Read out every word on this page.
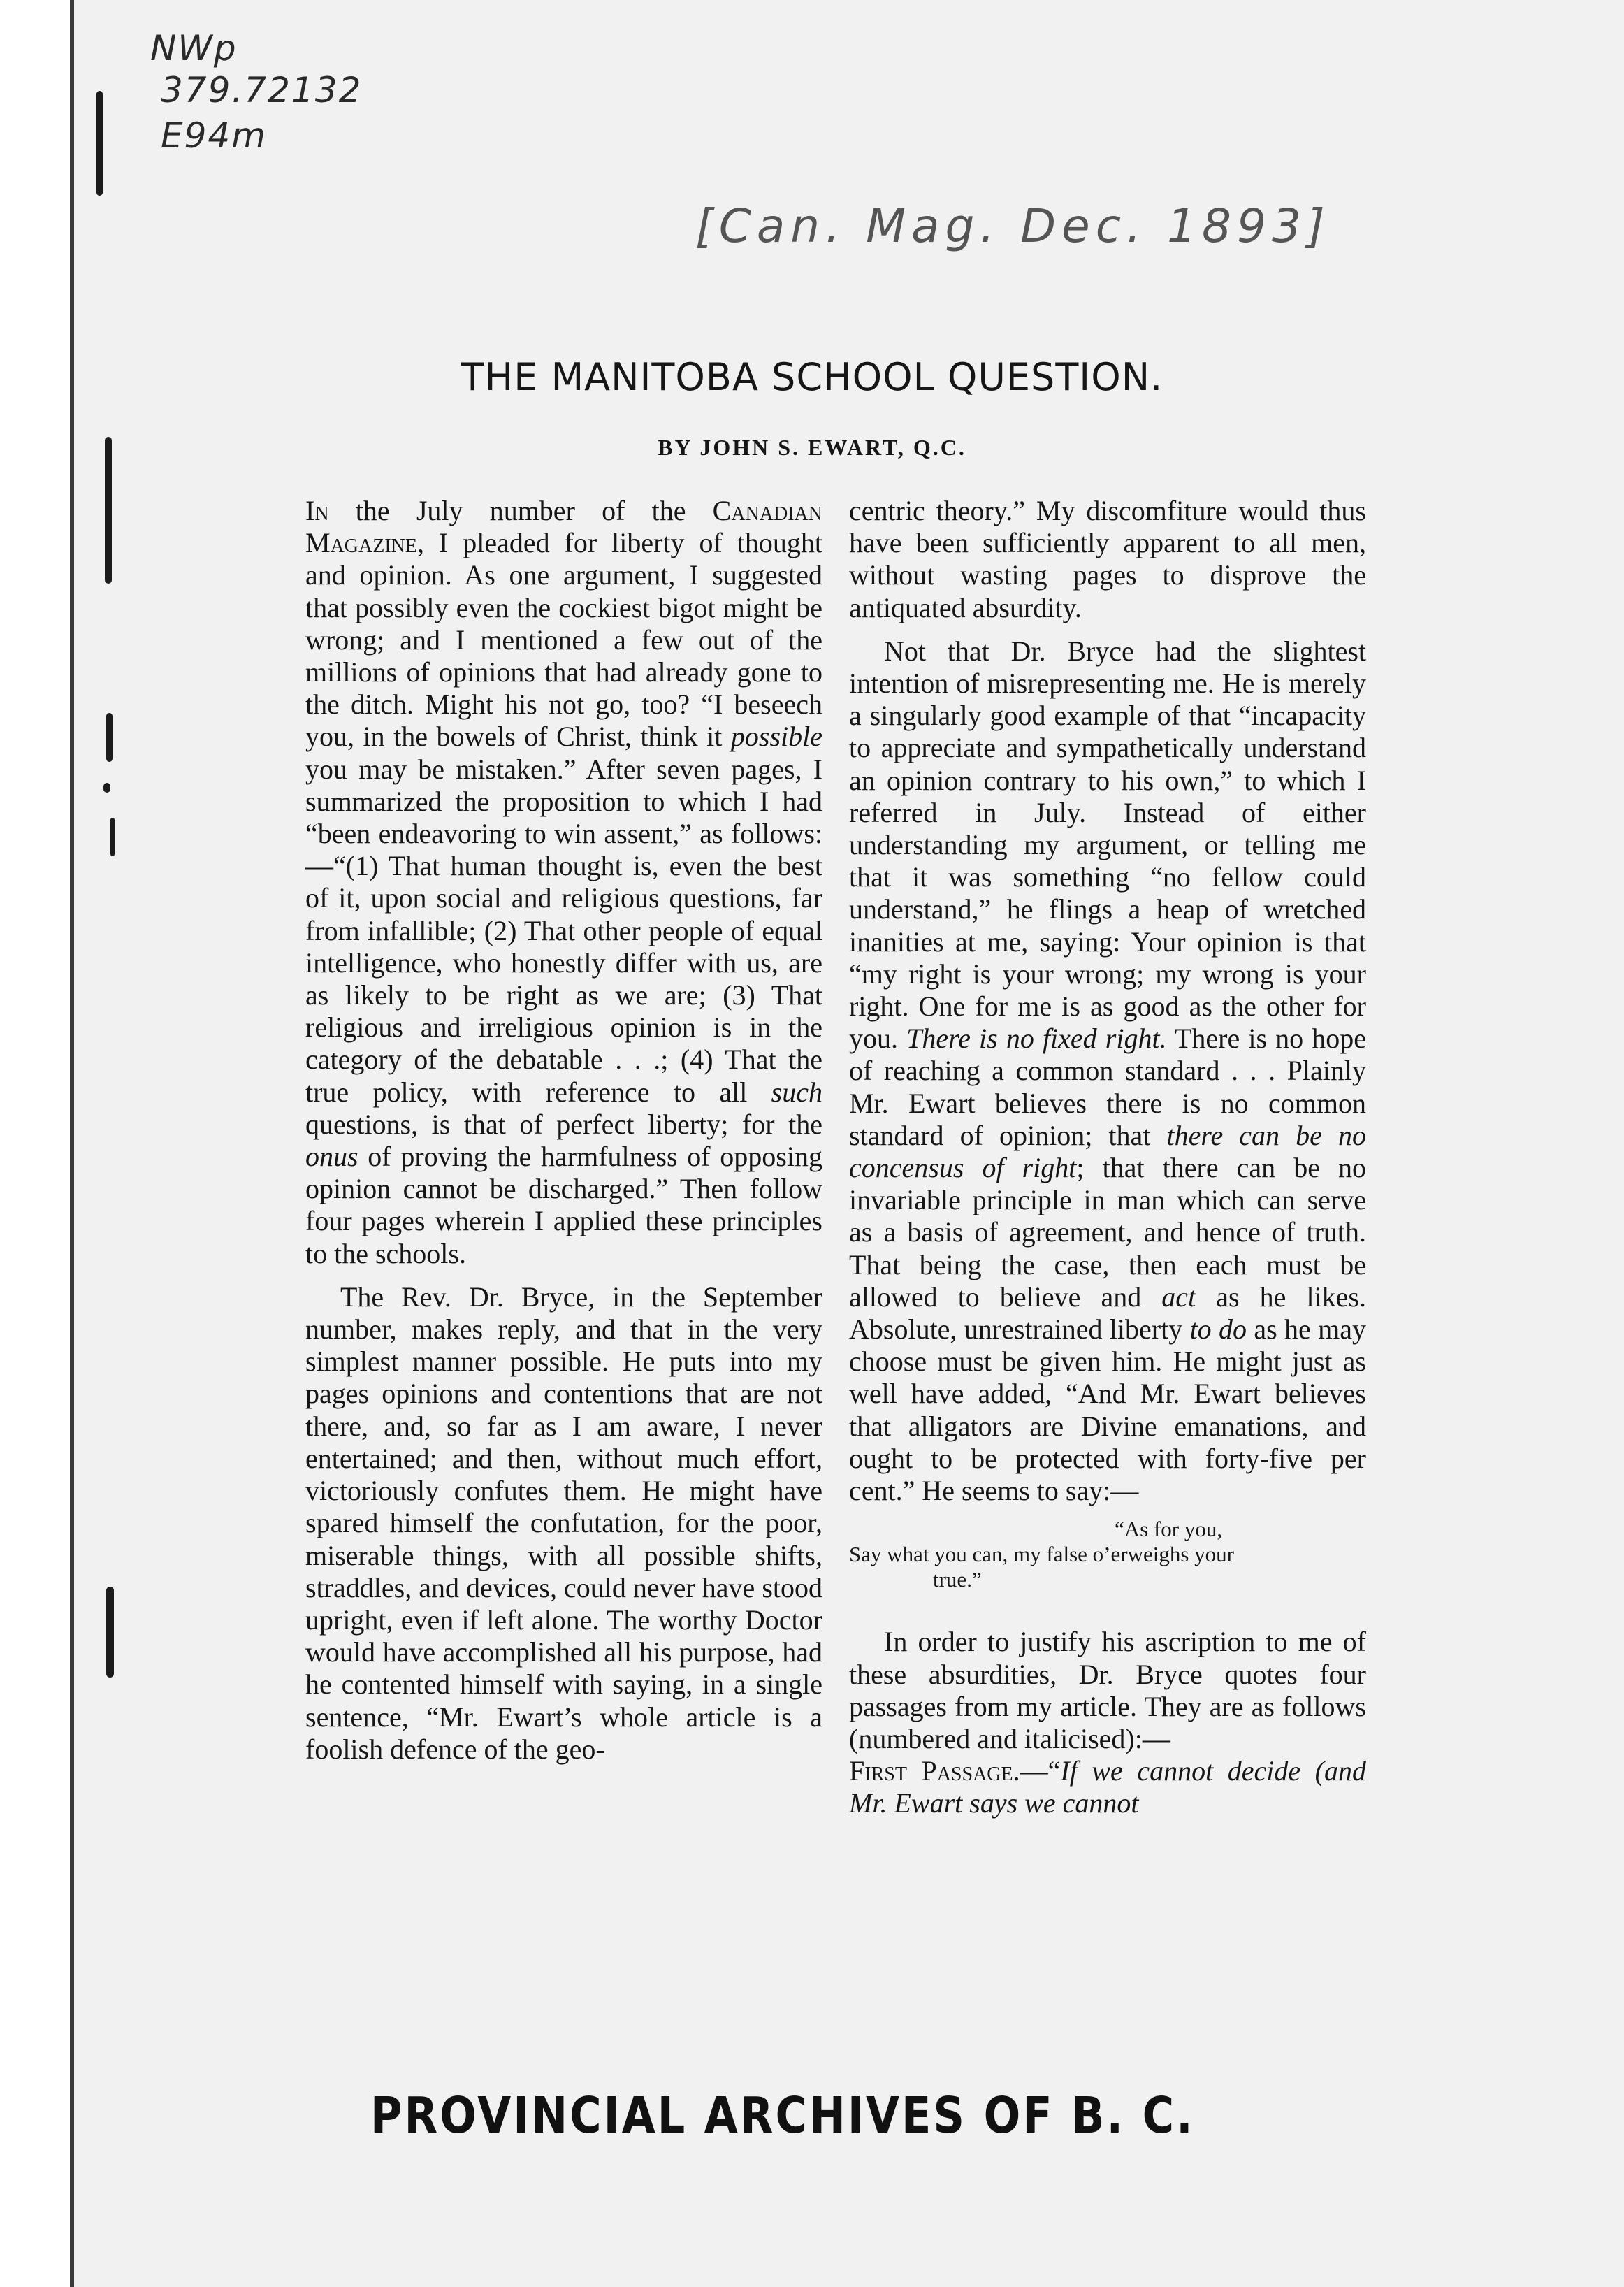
NWp
379.72132
E94m
[Can. Mag. Dec. 1893]
THE MANITOBA SCHOOL QUESTION.
BY JOHN S. EWART, Q.C.

In the July number of the Canadian Magazine, I pleaded for liberty of thought and opinion. As one argument, I suggested that possibly even the cockiest bigot might be wrong; and I mentioned a few out of the millions of opinions that had already gone to the ditch. Might his not go, too? “I beseech you, in the bowels of Christ, think it possible you may be mistaken.” After seven pages, I summarized the proposition to which I had “been endeavoring to win assent,” as follows:—“(1) That human thought is, even the best of it, upon social and religious questions, far from infallible; (2) That other people of equal intelligence, who honestly differ with us, are as likely to be right as we are; (3) That religious and irreligious opinion is in the category of the debatable . . .; (4) That the true policy, with reference to all such questions, is that of perfect liberty; for the onus of proving the harmfulness of opposing opinion cannot be discharged.” Then follow four pages wherein I applied these principles to the schools.

The Rev. Dr. Bryce, in the September number, makes reply, and that in the very simplest manner possible. He puts into my pages opinions and contentions that are not there, and, so far as I am aware, I never entertained; and then, without much effort, victoriously confutes them. He might have spared himself the confutation, for the poor, miserable things, with all possible shifts, straddles, and devices, could never have stood upright, even if left alone. The worthy Doctor would have accomplished all his purpose, had he contented himself with saying, in a single sentence, “Mr. Ewart’s whole article is a foolish defence of the geo-

centric theory.” My discomfiture would thus have been sufficiently apparent to all men, without wasting pages to disprove the antiquated absurdity.

Not that Dr. Bryce had the slightest intention of misrepresenting me. He is merely a singularly good example of that “incapacity to appreciate and sympathetically understand an opinion contrary to his own,” to which I referred in July. Instead of either understanding my argument, or telling me that it was something “no fellow could understand,” he flings a heap of wretched inanities at me, saying: Your opinion is that “my right is your wrong; my wrong is your right. One for me is as good as the other for you. There is no fixed right. There is no hope of reaching a common standard . . . Plainly Mr. Ewart believes there is no common standard of opinion; that there can be no concensus of right; that there can be no invariable principle in man which can serve as a basis of agreement, and hence of truth. That being the case, then each must be allowed to believe and act as he likes. Absolute, unrestrained liberty to do as he may choose must be given him. He might just as well have added, “And Mr. Ewart believes that alligators are Divine emanations, and ought to be protected with forty-five per cent.” He seems to say:—

“As for you,
Say what you can, my false o’erweighs your
true.”

In order to justify his ascription to me of these absurdities, Dr. Bryce quotes four passages from my article. They are as follows (numbered and italicised):—

First Passage.—“If we cannot decide (and Mr. Ewart says we cannot

PROVINCIAL ARCHIVES OF B. C.
